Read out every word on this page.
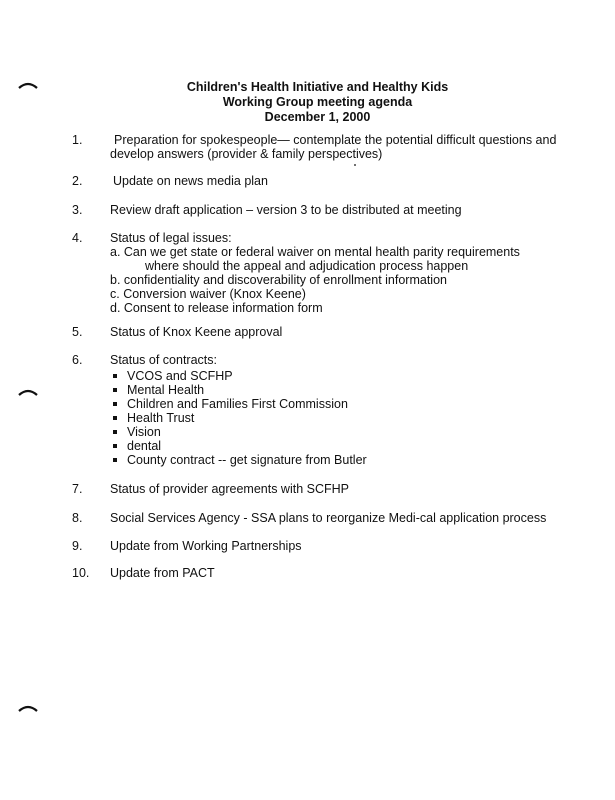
Children's Health Initiative and Healthy Kids
Working Group meeting agenda
December 1, 2000
1.	Preparation for spokespeople— contemplate the potential difficult questions and
develop answers (provider & family perspectives)
2. Update on news media plan
3. Review draft application – version 3 to be distributed at meeting
4. Status of legal issues:
a. Can we get state or federal waiver on mental health parity requirements
where should the appeal and adjudication process happen
b. confidentiality and discoverability of enrollment information
c. Conversion waiver (Knox Keene)
d. Consent to release information form
5. Status of Knox Keene approval
6. Status of contracts:
VCOS and SCFHP
Mental Health
Children and Families First Commission
Health Trust
Vision
dental
County contract -- get signature from Butler
7. Status of provider agreements with SCFHP
8. Social Services Agency - SSA plans to reorganize Medi-cal application process
9. Update from Working Partnerships
10. Update from PACT
